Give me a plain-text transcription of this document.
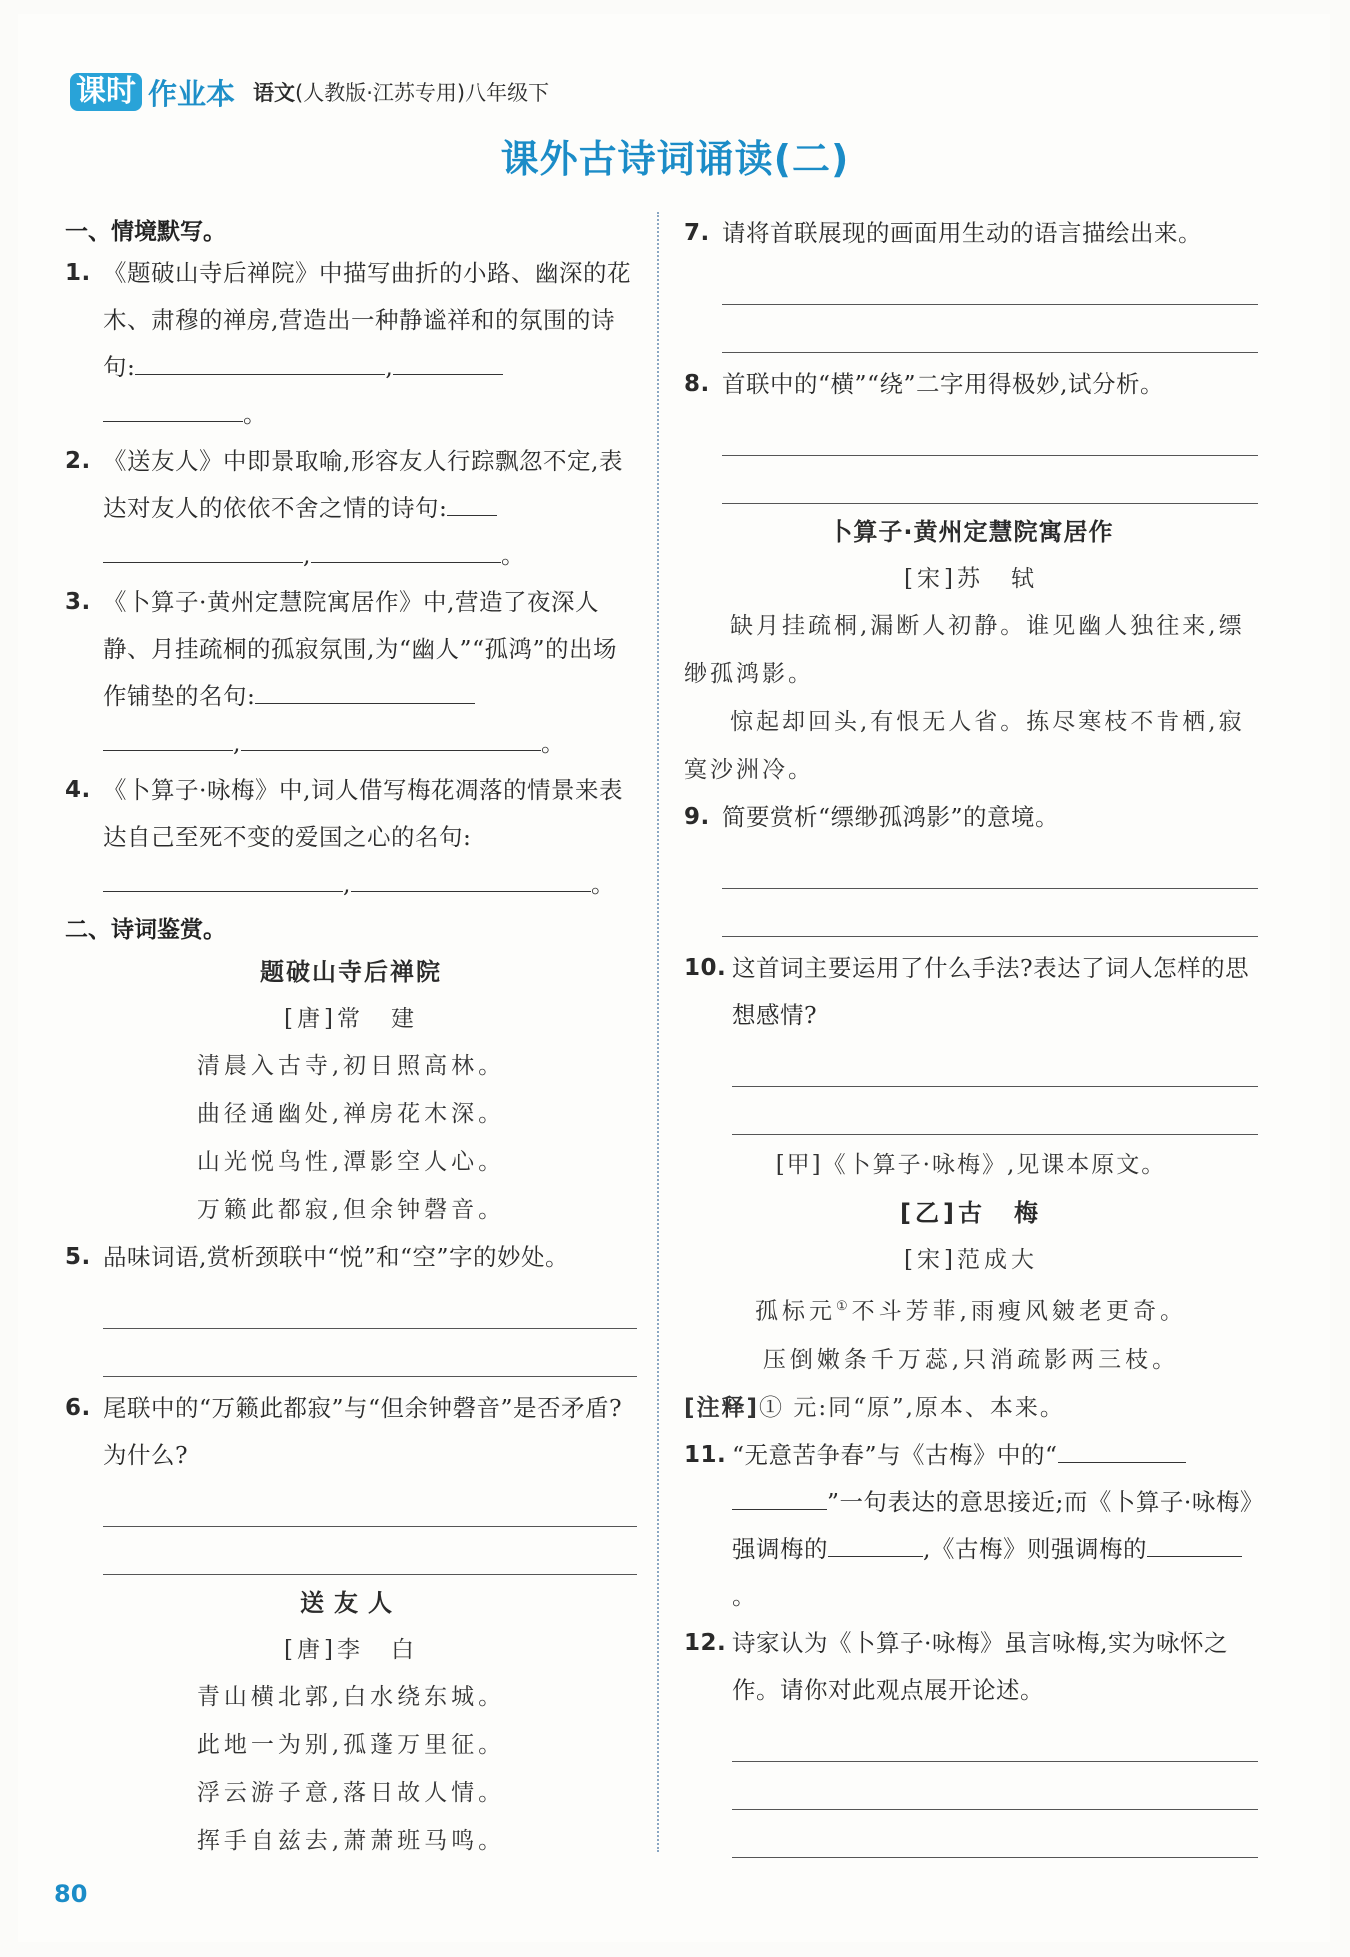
课时 作业本 语文(人教版·江苏专用)八年级下
课外古诗词诵读(二)
一、情境默写。
1. 《题破山寺后禅院》中描写曲折的小路、幽深的花木、肃穆的禅房,营造出一种静谧祥和的氛围的诗句:	,
。
2. 《送友人》中即景取喻,形容友人行踪飘忽不定,表达对友人的依依不舍之情的诗句:
,	。
3. 《卜算子·黄州定慧院寓居作》中,营造了夜深人静、月挂疏桐的孤寂氛围,为“幽人”“孤鸿”的出场作铺垫的名句:
,	。
4. 《卜算子·咏梅》中,词人借写梅花凋落的情景来表达自己至死不变的爱国之心的名句:
,	。
二、诗词鉴赏。
题破山寺后禅院
[唐]常　建
清晨入古寺,初日照高林。
曲径通幽处,禅房花木深。
山光悦鸟性,潭影空人心。
万籁此都寂,但余钟磬音。
5. 品味词语,赏析颈联中“悦”和“空”字的妙处。
6. 尾联中的“万籁此都寂”与“但余钟磬音”是否矛盾?为什么?
送友人
[唐]李　白
青山横北郭,白水绕东城。
此地一为别,孤蓬万里征。
浮云游子意,落日故人情。
挥手自兹去,萧萧班马鸣。
7. 请将首联展现的画面用生动的语言描绘出来。
8. 首联中的“横”“绕”二字用得极妙,试分析。
卜算子·黄州定慧院寓居作
[宋]苏　轼
缺月挂疏桐,漏断人初静。谁见幽人独往来,缥缈孤鸿影。
惊起却回头,有恨无人省。拣尽寒枝不肯栖,寂寞沙洲冷。
9. 简要赏析“缥缈孤鸿影”的意境。
10. 这首词主要运用了什么手法?表达了词人怎样的思想感情?
[甲]《卜算子·咏梅》,见课本原文。
[乙]古　梅
[宋]范成大
孤标元①不斗芳菲,雨瘦风皴老更奇。
压倒嫩条千万蕊,只消疏影两三枝。
[注释]① 元:同“原”,原本、本来。
11. “无意苦争春”与《古梅》中的“
”一句表达的意思接近;而《卜算子·咏梅》强调梅的	,《古梅》则强调梅的。
12. 诗家认为《卜算子·咏梅》虽言咏梅,实为咏怀之作。请你对此观点展开论述。
80
